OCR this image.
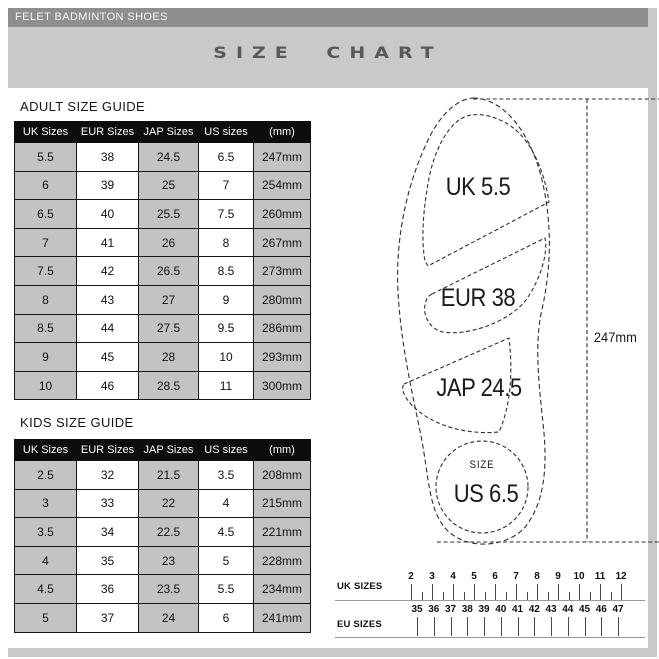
FELET BADMINTON SHOES
SIZE CHART
ADULT SIZE GUIDE
UK Sizes	EUR Sizes	JAP Sizes	US sizes	(mm)
5.5	38	24.5	6.5	247mm
6	39	25	7	254mm
6.5	40	25.5	7.5	260mm
7	41	26	8	267mm
7.5	42	26.5	8.5	273mm
8	43	27	9	280mm
8.5	44	27.5	9.5	286mm
9	45	28	10	293mm
10	46	28.5	11	300mm
KIDS SIZE GUIDE
UK Sizes	EUR Sizes	JAP Sizes	US sizes	(mm)
2.5	32	21.5	3.5	208mm
3	33	22	4	215mm
3.5	34	22.5	4.5	221mm
4	35	23	5	228mm
4.5	36	23.5	5.5	234mm
5	37	24	6	241mm
UK 5.5
EUR 38
JAP 24.5
SIZE
US 6.5
247mm
UK SIZES
2 3 4 5 6 7 8 9 10 11 12
EU SIZES
35 36 37 38 39 40 41 42 43 44 45 46 47
